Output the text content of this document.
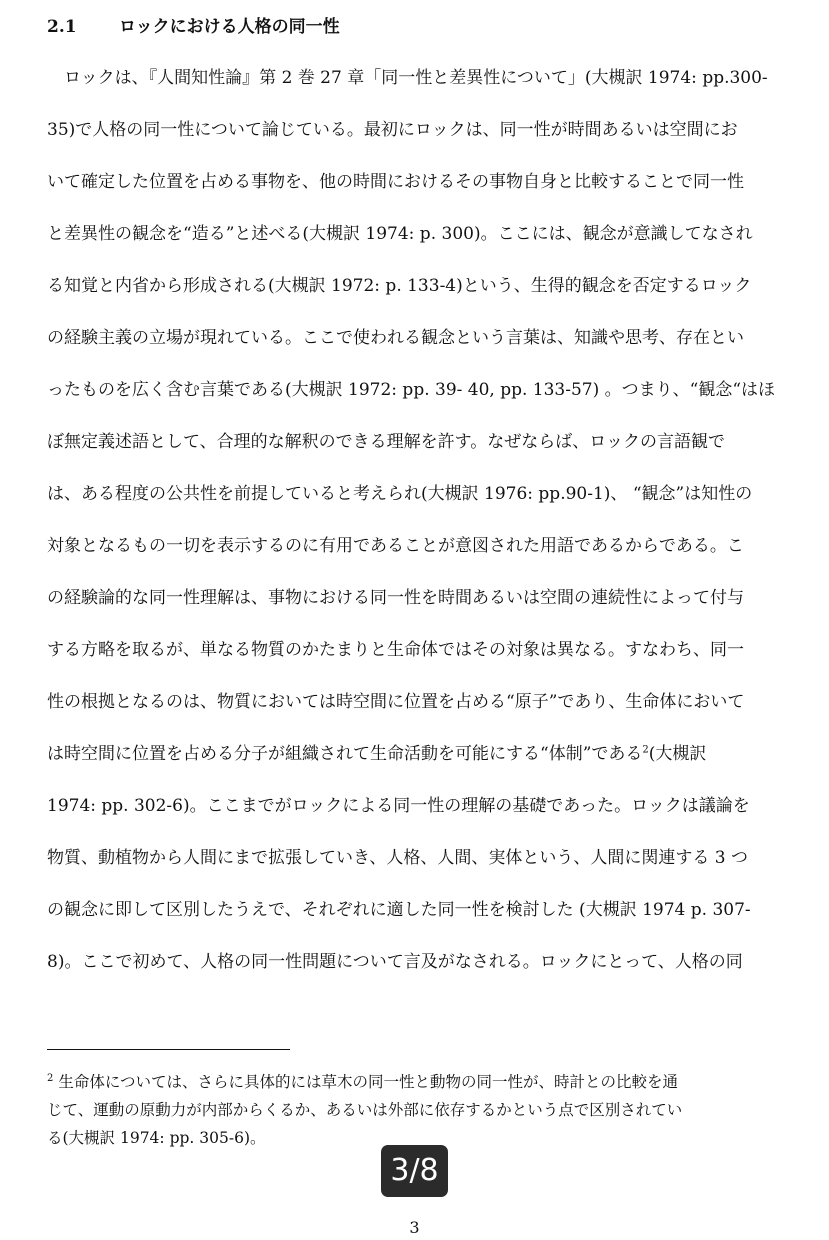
2.1 ロックにおける人格の同一性
ロックは、『人間知性論』第 2 巻 27 章「同一性と差異性について」(大槻訳 1974: pp.300-
35)で人格の同一性について論じている。最初にロックは、同一性が時間あるいは空間にお
いて確定した位置を占める事物を、他の時間におけるその事物自身と比較することで同一性
と差異性の観念を“造る”と述べる(大槻訳 1974: p. 300)。ここには、観念が意識してなされ
る知覚と内省から形成される(大槻訳 1972: p. 133-4)という、生得的観念を否定するロック
の経験主義の立場が現れている。ここで使われる観念という言葉は、知識や思考、存在とい
ったものを広く含む言葉である(大槻訳 1972: pp. 39- 40, pp. 133-57) 。つまり、“観念“はほ
ぼ無定義述語として、合理的な解釈のできる理解を許す。なぜならば、ロックの言語観で
は、ある程度の公共性を前提していると考えられ(大槻訳 1976: pp.90-1)、 “観念”は知性の
対象となるもの一切を表示するのに有用であることが意図された用語であるからである。こ
の経験論的な同一性理解は、事物における同一性を時間あるいは空間の連続性によって付与
する方略を取るが、単なる物質のかたまりと生命体ではその対象は異なる。すなわち、同一
性の根拠となるのは、物質においては時空間に位置を占める“原子”であり、生命体において
は時空間に位置を占める分子が組織されて生命活動を可能にする“体制”である$^2$(大槻訳
1974: pp. 302-6)。ここまでがロックによる同一性の理解の基礎であった。ロックは議論を
物質、動植物から人間にまで拡張していき、人格、人間、実体という、人間に関連する 3 つ
の観念に即して区別したうえで、それぞれに適した同一性を検討した (大槻訳 1974 p. 307-
8)。ここで初めて、人格の同一性問題について言及がなされる。ロックにとって、人格の同
$^2$ 生命体については、さらに具体的には草木の同一性と動物の同一性が、時計との比較を通
じて、運動の原動力が内部からくるか、あるいは外部に依存するかという点で区別されてい
る(大槻訳 1974: pp. 305-6)。
3/8
3
